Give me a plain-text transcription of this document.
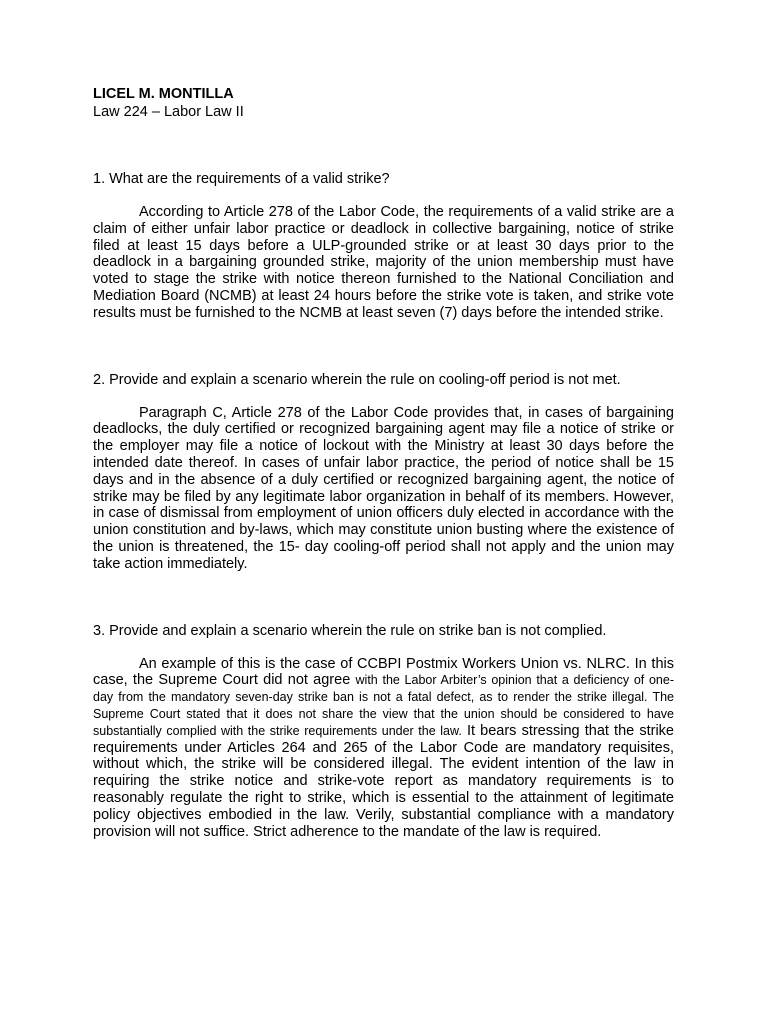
LICEL M. MONTILLA

Law 224 – Labor Law II

1. What are the requirements of a valid strike?

According to Article 278 of the Labor Code, the requirements of a valid strike are a claim of either unfair labor practice or deadlock in collective bargaining, notice of strike filed at least 15 days before a ULP-grounded strike or at least 30 days prior to the deadlock in a bargaining grounded strike, majority of the union membership must have voted to stage the strike with notice thereon furnished to the National Conciliation and Mediation Board (NCMB) at least 24 hours before the strike vote is taken, and strike vote results must be furnished to the NCMB at least seven (7) days before the intended strike.

2. Provide and explain a scenario wherein the rule on cooling-off period is not met.

Paragraph C, Article 278 of the Labor Code provides that, in cases of bargaining deadlocks, the duly certified or recognized bargaining agent may file a notice of strike or the employer may file a notice of lockout with the Ministry at least 30 days before the intended date thereof. In cases of unfair labor practice, the period of notice shall be 15 days and in the absence of a duly certified or recognized bargaining agent, the notice of strike may be filed by any legitimate labor organization in behalf of its members. However, in case of dismissal from employment of union officers duly elected in accordance with the union constitution and by-laws, which may constitute union busting where the existence of the union is threatened, the 15- day cooling-off period shall not apply and the union may take action immediately.

3. Provide and explain a scenario wherein the rule on strike ban is not complied.

An example of this is the case of CCBPI Postmix Workers Union vs. NLRC. In this case, the Supreme Court did not agree with the Labor Arbiter’s opinion that a deficiency of one-day from the mandatory seven-day strike ban is not a fatal defect, as to render the strike illegal. The Supreme Court stated that it does not share the view that the union should be considered to have substantially complied with the strike requirements under the law. It bears stressing that the strike requirements under Articles 264 and 265 of the Labor Code are mandatory requisites, without which, the strike will be considered illegal. The evident intention of the law in requiring the strike notice and strike-vote report as mandatory requirements is to reasonably regulate the right to strike, which is essential to the attainment of legitimate policy objectives embodied in the law. Verily, substantial compliance with a mandatory provision will not suffice. Strict adherence to the mandate of the law is required.
